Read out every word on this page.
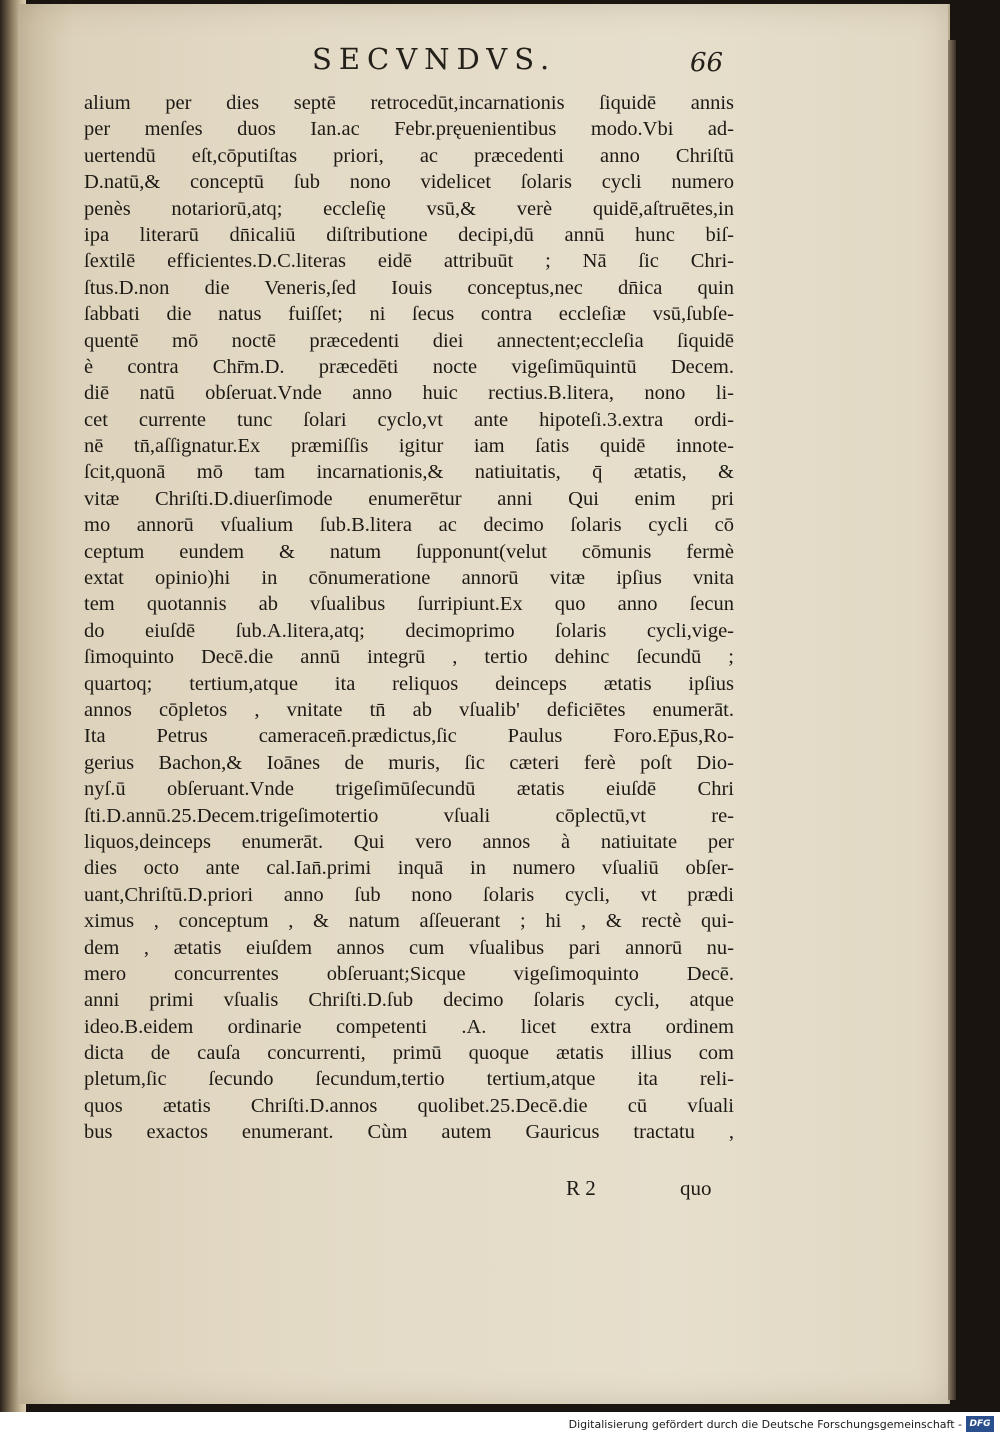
SECVNDVS.	66
alium per dies septē retrocedūt,incarnationis ſiquidē annis
per menſes duos Ian.ac Febr.pręuenientibus modo.Vbi ad-
uertendū eſt,cōputiſtas priori, ac præcedenti anno Chriſtū
D.natū,& conceptū ſub nono videlicet ſolaris cycli numero
penès notariorū,atq; eccleſię vsū,& verè quidē,aſtruētes,in
ipa literarū dn̄icaliū diſtributione decipi,dū annū hunc biſ-
ſextilē efficientes.D.C.literas eidē attribuūt ; Nā ſic Chri-
ſtus.D.non die Veneris,ſed Iouis conceptus,nec dn̄ica quin
ſabbati die natus fuiſſet; ni ſecus contra eccleſiæ vsū,ſubſe-
quentē mō noctē præcedenti diei annectent;eccleſia ſiquidē
è contra Chr̄m.D. præcedēti nocte vigeſimūquintū Decem.
diē natū obſeruat.Vnde anno huic rectius.B.litera, nono li-
cet currente tunc ſolari cyclo,vt ante hipoteſi.3.extra ordi-
nē tn̄,aſſignatur.Ex præmiſſis igitur iam ſatis quidē innote-
ſcit,quonā mō tam incarnationis,& natiuitatis, q̄ ætatis, &
vitæ Chriſti.D.diuerſimode enumerētur anni Qui enim pri
mo annorū vſualium ſub.B.litera ac decimo ſolaris cycli cō
ceptum eundem & natum ſupponunt(velut cōmunis fermè
extat opinio)hi in cōnumeratione annorū vitæ ipſius vnita
tem quotannis ab vſualibus ſurripiunt.Ex quo anno ſecun
do eiuſdē ſub.A.litera,atq; decimoprimo ſolaris cycli,vige-
ſimoquinto Decē.die annū integrū , tertio dehinc ſecundū ;
quartoq; tertium,atque ita reliquos deinceps ætatis ipſius
annos cōpletos , vnitate tn̄ ab vſualib' deficiētes enumerāt.
Ita Petrus cameracen̄.prædictus,ſic Paulus Foro.Ep̄us,Ro-
gerius Bachon,& Ioānes de muris, ſic cæteri ferè poſt Dio-
nyſ.ū obſeruant.Vnde trigeſimūſecundū ætatis eiuſdē Chri
ſti.D.annū.25.Decem.trigeſimotertio vſuali cōplectū,vt re-
liquos,deinceps enumerāt. Qui vero annos à natiuitate per
dies octo ante cal.Ian̄.primi inquā in numero vſualiū obſer-
uant,Chriſtū.D.priori anno ſub nono ſolaris cycli, vt prædi
ximus , conceptum , & natum aſſeuerant ; hi , & rectè qui-
dem , ætatis eiuſdem annos cum vſualibus pari annorū nu-
mero concurrentes obſeruant;Sicque vigeſimoquinto Decē.
anni primi vſualis Chriſti.D.ſub decimo ſolaris cycli, atque
ideo.B.eidem ordinarie competenti .A. licet extra ordinem
dicta de cauſa concurrenti, primū quoque ætatis illius com
pletum,ſic ſecundo ſecundum,tertio tertium,atque ita reli-
quos ætatis Chriſti.D.annos quolibet.25.Decē.die cū vſuali
bus exactos enumerant. Cùm autem Gauricus tractatu ,
R 2	quo
Digitalisierung gefördert durch die Deutsche Forschungsgemeinschaft - DFG
